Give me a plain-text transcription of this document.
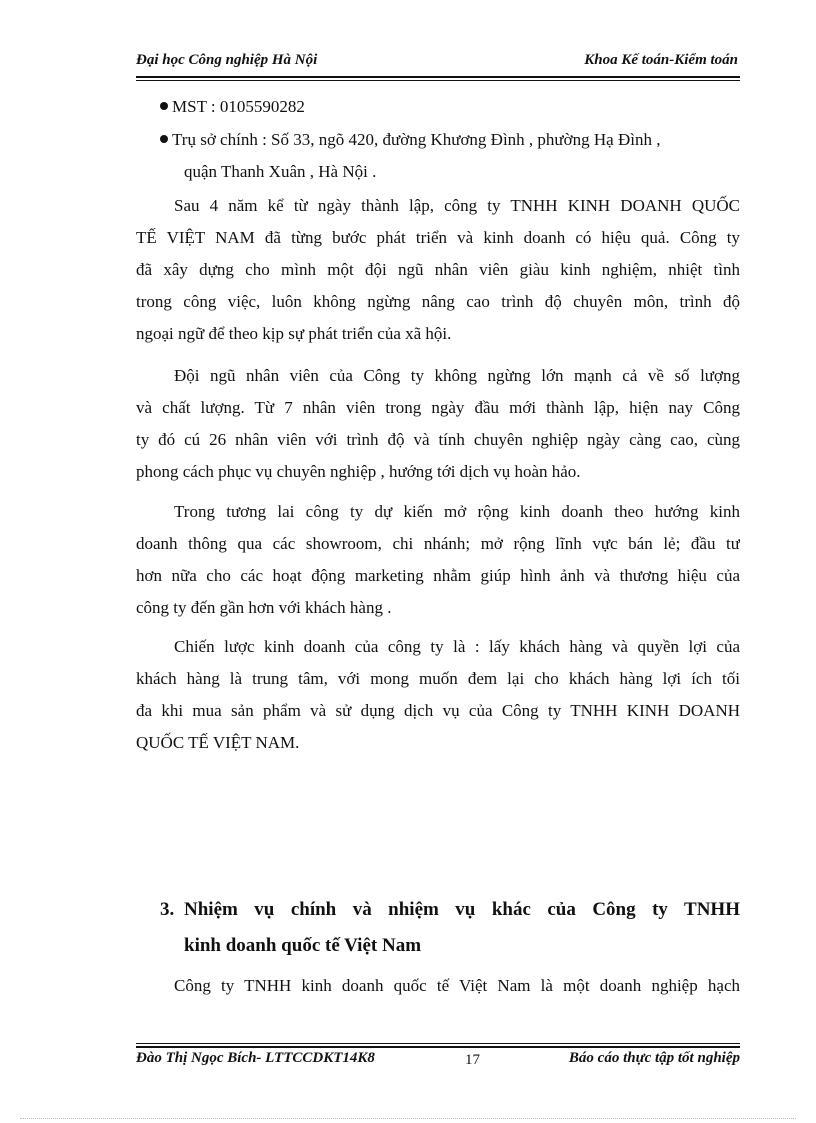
Đại học Công nghiệp Hà Nội	Khoa Kế toán-Kiểm toán
MST : 0105590282
Trụ sở chính : Số 33, ngõ 420, đường Khương Đình , phường Hạ Đình ,
quận Thanh Xuân , Hà Nội .
Sau 4 năm kể từ ngày thành lập, công ty TNHH KINH DOANH QUỐC
TẾ VIỆT NAM đã từng bước phát triển và kinh doanh có hiệu quả. Công ty
đã xây dựng cho mình một đội ngũ nhân viên giàu kinh nghiệm, nhiệt tình
trong công việc, luôn không ngừng nâng cao trình độ chuyên môn, trình độ
ngoại ngữ để theo kịp sự phát triển của xã hội.
Đội ngũ nhân viên của Công ty không ngừng lớn mạnh cả về số lượng
và chất lượng. Từ 7 nhân viên trong ngày đầu mới thành lập, hiện nay Công
ty đó cú 26 nhân viên với trình độ và tính chuyên nghiệp ngày càng cao, cùng
phong cách phục vụ chuyên nghiệp , hướng tới dịch vụ hoàn hảo.
Trong tương lai công ty dự kiến mở rộng kinh doanh theo hướng kinh
doanh thông qua các showroom, chi nhánh; mở rộng lĩnh vực bán lẻ; đầu tư
hơn nữa cho các hoạt động marketing nhằm giúp hình ảnh và thương hiệu của
công ty đến gần hơn với khách hàng .
Chiến lược kinh doanh của công ty là : lấy khách hàng và quyền lợi của
khách hàng là trung tâm, với mong muốn đem lại cho khách hàng lợi ích tối
đa khi mua sản phẩm và sử dụng dịch vụ của Công ty TNHH KINH DOANH
QUỐC TẾ VIỆT NAM.
3. Nhiệm vụ chính và nhiệm vụ khác của Công ty TNHH
kinh doanh quốc tế Việt Nam
Công ty TNHH kinh doanh quốc tế Việt Nam là một doanh nghiệp hạch
Đào Thị Ngọc Bích- LTTCCDKT14K8	17	Báo cáo thực tập tốt nghiệp
